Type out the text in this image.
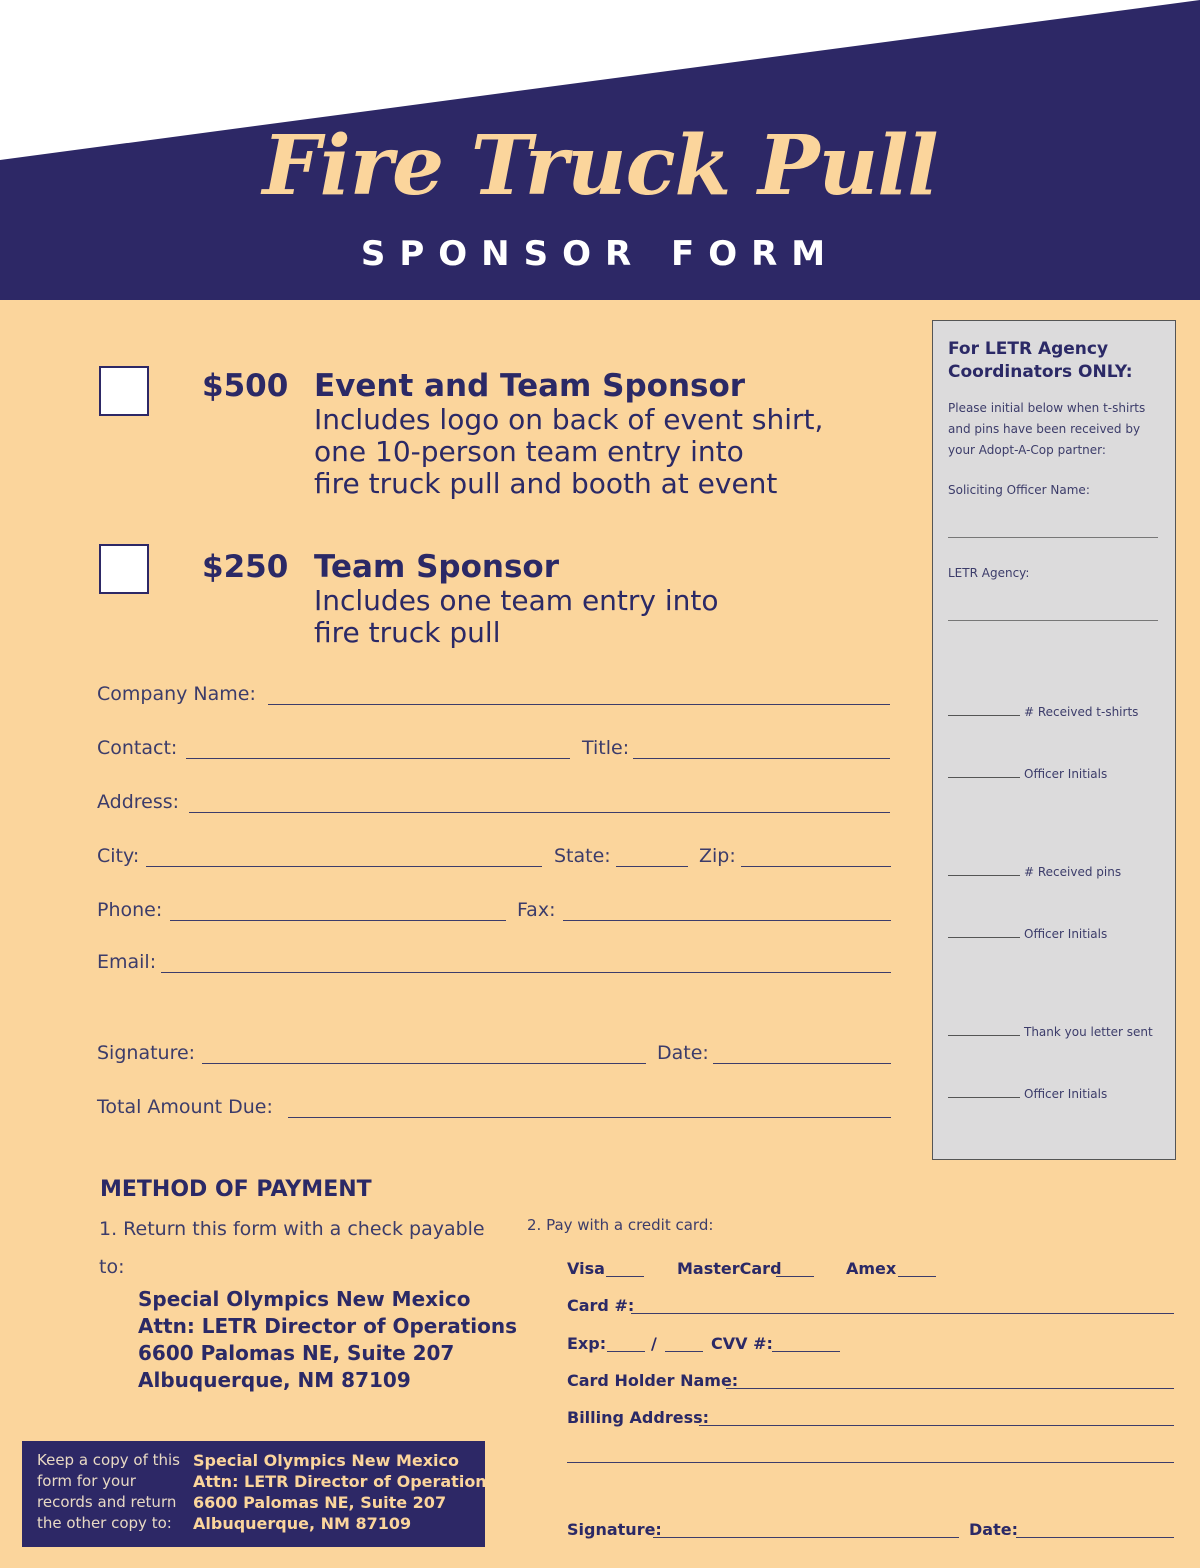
Fire Truck Pull
SPONSOR FORM
$500 Event and Team Sponsor
Includes logo on back of event shirt,
one 10-person team entry into
fire truck pull and booth at event
$250 Team Sponsor
Includes one team entry into
fire truck pull
Company Name:
Contact:	Title:
Address:
City:	State:	Zip:
Phone:	Fax:
Email:
Signature:	Date:
Total Amount Due:
For LETR Agency Coordinators ONLY:
Please initial below when t-shirts and pins have been received by your Adopt-A-Cop partner:
Soliciting Officer Name:
LETR Agency:
# Received t-shirts
Officer Initials
# Received pins
Officer Initials
Thank you letter sent
Officer Initials
METHOD OF PAYMENT
1. Return this form with a check payable
to:
Special Olympics New Mexico
Attn: LETR Director of Operations
6600 Palomas NE, Suite 207
Albuquerque, NM 87109
2. Pay with a credit card:
Visa	MasterCard	Amex
Card #:
Exp:	/	CVV #:
Card Holder Name:
Billing Address:
Signature:	Date:
Keep a copy of this form for your records and return the other copy to:
Special Olympics New Mexico
Attn: LETR Director of Operations
6600 Palomas NE, Suite 207
Albuquerque, NM 87109
